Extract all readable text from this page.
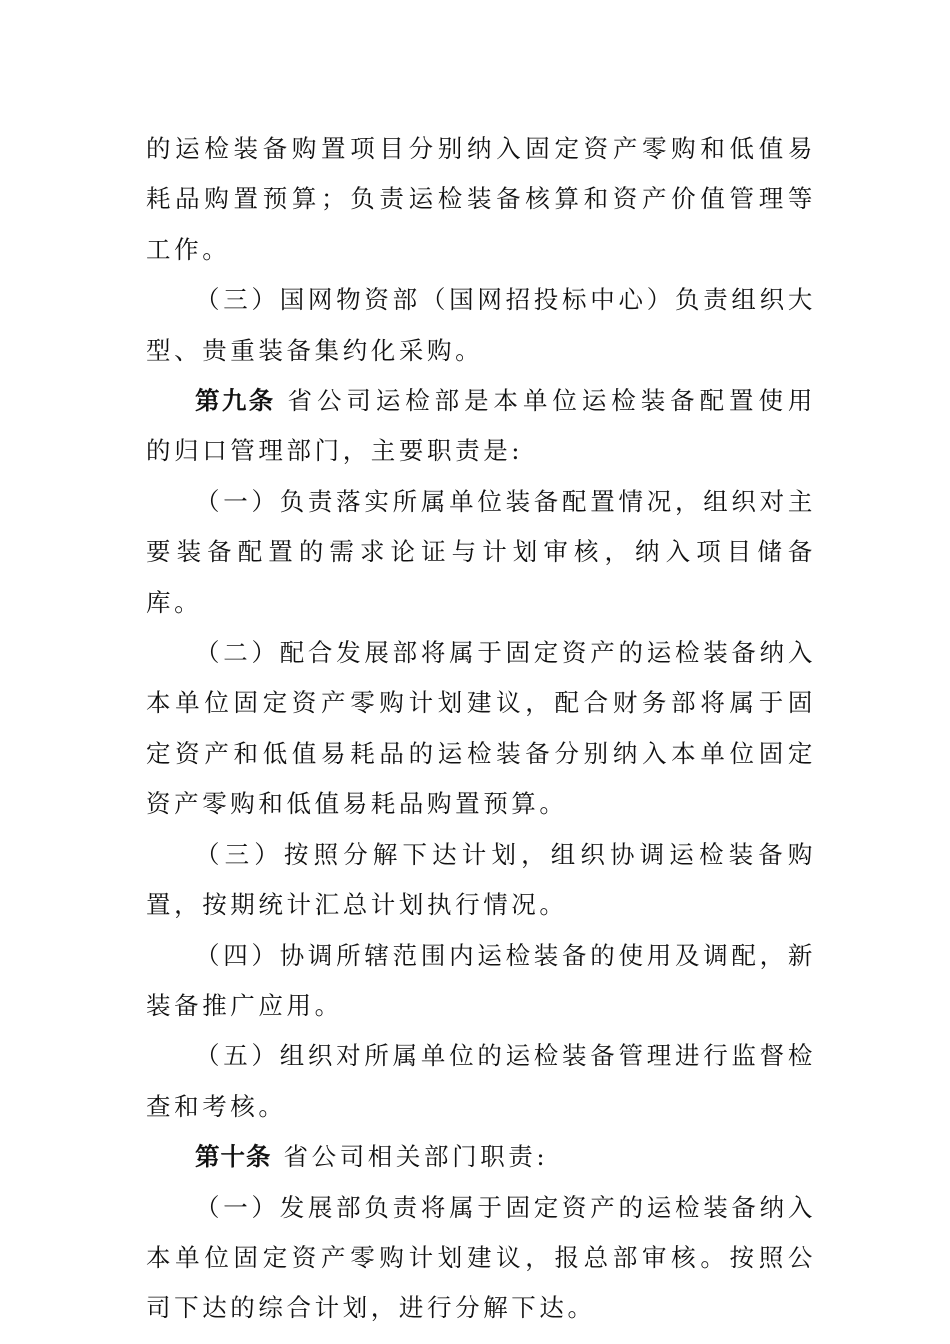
的运检装备购置项目分别纳入固定资产零购和低值易耗品购置预算；负责运检装备核算和资产价值管理等工作。

（三）国网物资部（国网招投标中心）负责组织大型、贵重装备集约化采购。

第九条 省公司运检部是本单位运检装备配置使用的归口管理部门，主要职责是:

（一）负责落实所属单位装备配置情况，组织对主要装备配置的需求论证与计划审核，纳入项目储备库。

（二）配合发展部将属于固定资产的运检装备纳入本单位固定资产零购计划建议，配合财务部将属于固定资产和低值易耗品的运检装备分别纳入本单位固定资产零购和低值易耗品购置预算。

（三）按照分解下达计划，组织协调运检装备购置，按期统计汇总计划执行情况。

（四）协调所辖范围内运检装备的使用及调配，新装备推广应用。

（五）组织对所属单位的运检装备管理进行监督检查和考核。

第十条 省公司相关部门职责:

（一）发展部负责将属于固定资产的运检装备纳入本单位固定资产零购计划建议，报总部审核。按照公司下达的综合计划，进行分解下达。
